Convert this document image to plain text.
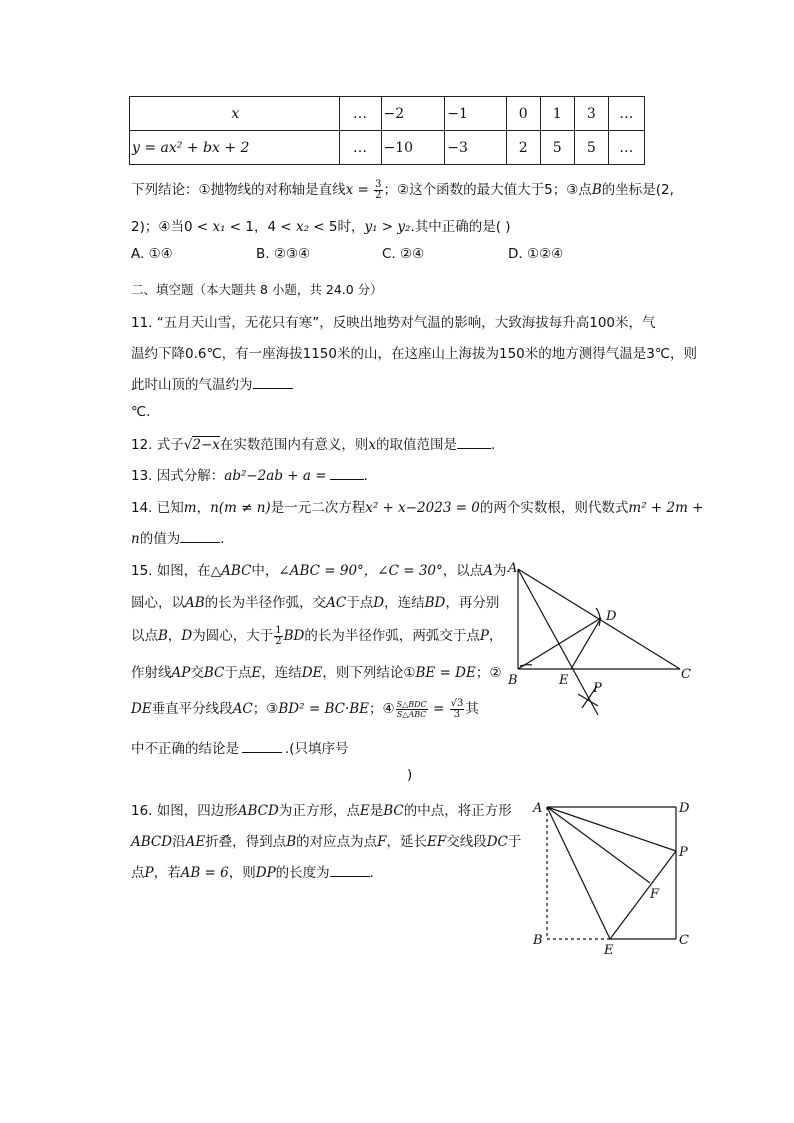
x	…	−2	−1	0	1	3	…
y = ax² + bx + 2	…	−10	−3	2	5	5	…
下列结论：①抛物线的对称轴是直线$x = \frac{3}{2}$ ；②这个函数的最大值大于5；③点B的坐标是(2,
2)；④当0 < x₁ < 1，4 < x₂ < 5时，y₁ > y₂.其中正确的是( )
A. ①④	B. ②③④	C. ②④	D. ①②④
二、填空题（本大题共 8 小题，共 24.0 分）
11. “五月天山雪，无花只有寒”，反映出地势对气温的影响，大致海拔每升高100米，气
温约下降0.6℃，有一座海拔1150米的山，在这座山上海拔为150米的地方测得气温是3℃，则
此时山顶的气温约为
℃.
12. 式子√2−x在实数范围内有意义，则x的取值范围是	.
13. 因式分解：ab²−2ab + a =	.
14. 已知m，n(m ≠ n)是一元二次方程x² + x−2023 = 0的两个实数根，则代数式m² + 2m +
n的值为	.
15. 如图，在△ABC中，∠ABC = 90°，∠C = 30°，以点A为
圆心，以AB的长为半径作弧，交AC于点D，连结BD，再分别
以点B，D为圆心，大于 $\frac{1}{2}$ BD的长为半径作弧，两弧交于点P，
作射线AP交BC于点E，连结DE，则下列结论①BE = DE；②
DE垂直平分线段AC；③BD² = BC·BE；④ $\frac{\text{S△BDC}}{\text{S△ABC}} = \frac{√3}{3}$ 其
中不正确的结论是	.(只填序号
)
A
B	C
D
E
P
16. 如图，四边形ABCD为正方形，点E是BC的中点，将正方形
ABCD沿AE折叠，得到点B的对应点为点F，延长EF交线段DC于
点P，若AB = 6，则DP的长度为	.
A
B	C
D
E
F
P
